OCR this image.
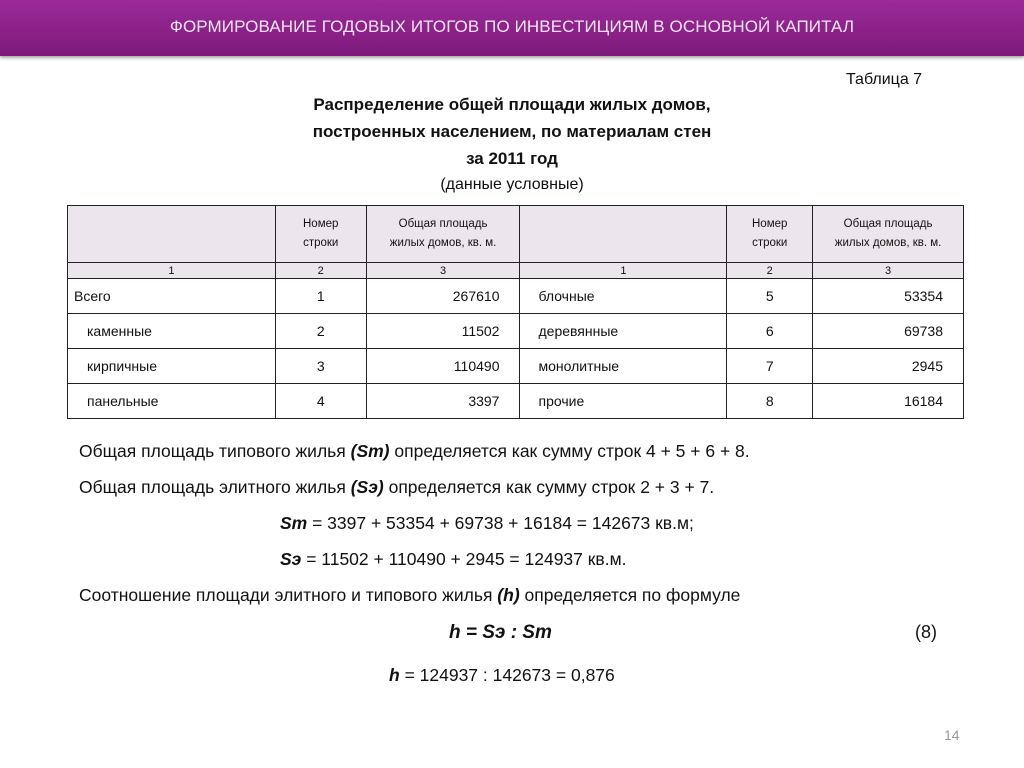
ФОРМИРОВАНИЕ ГОДОВЫХ ИТОГОВ ПО ИНВЕСТИЦИЯМ В ОСНОВНОЙ КАПИТАЛ
Таблица 7
Распределение общей площади жилых домов,
построенных населением, по материалам стен
за 2011 год
(данные условные)
	Номер
строки	Общая площадь
жилых домов, кв. м.		Номер
строки	Общая площадь
жилых домов, кв. м.
1	2	3	1	2	3
Всего	1	267610	блочные	5	53354
каменные	2	11502	деревянные	6	69738
кирпичные	3	110490	монолитные	7	2945
панельные	4	3397	прочие	8	16184
Общая площадь типового жилья (Sт) определяется как сумму строк 4 + 5 + 6 + 8.
Общая площадь элитного жилья (Sэ) определяется как сумму строк 2 + 3 + 7.
Sт = 3397 + 53354 + 69738 + 16184 = 142673 кв.м;
Sэ = 11502 + 110490 + 2945 = 124937 кв.м.
Соотношение площади элитного и типового жилья (h) определяется по формуле
h = Sэ : Sт	(8)
h = 124937 : 142673 = 0,876
14
